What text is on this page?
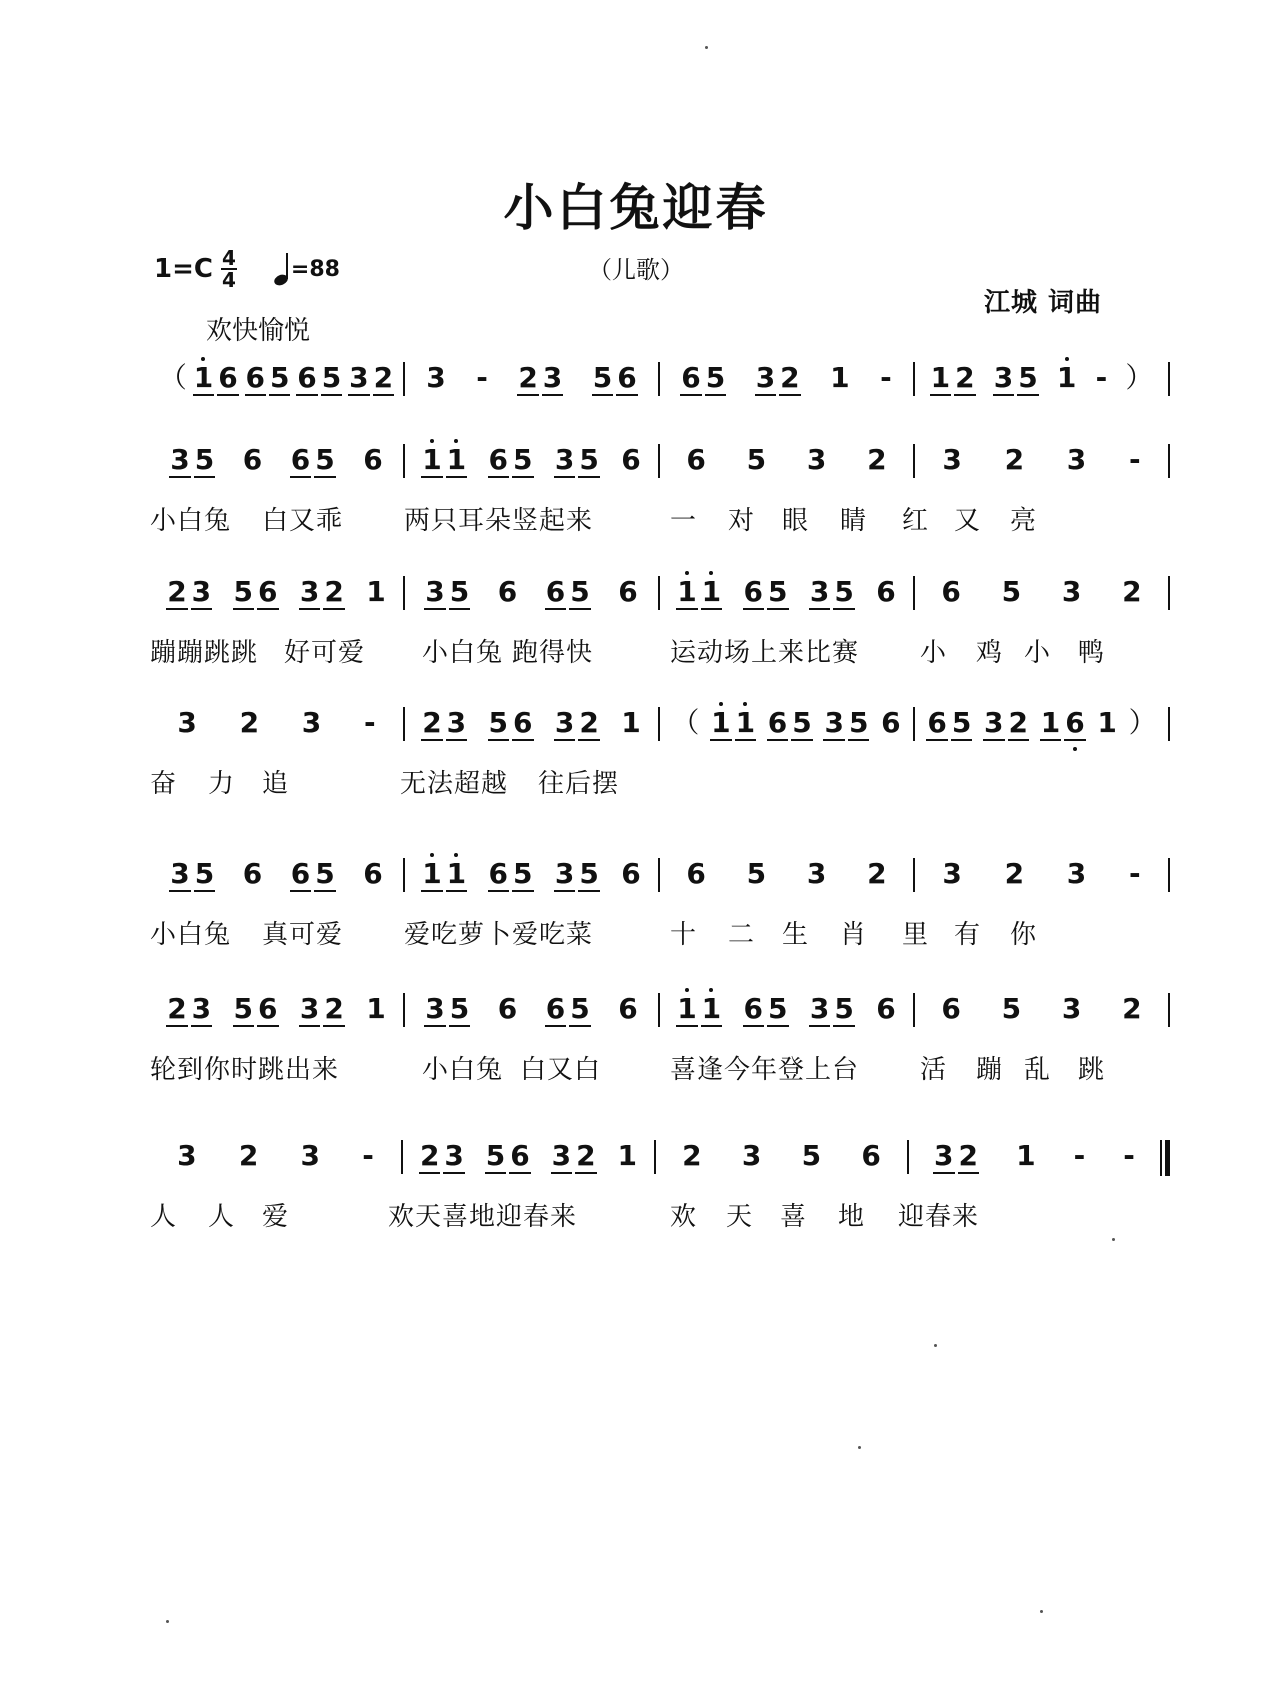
小白兔迎春
（儿歌）
江城 词曲
$1=C \frac{4}{4} =88$
欢快愉悦
（ 1 6 6 5 6 5 3 2 3 - 2 3 5 6 6 5 3 2 1 - 1 2 3 5 1 - ）
3 5 6 6 5 6 1 1 6 5 3 5 6 6 5 3 2 3 2 3 -
小白兔 白又乖 两只耳朵竖起来	一 对 眼 睛 红 又 亮
2 3 5 6 3 2 1 3 5 6 6 5 6 1 1 6 5 3 5 6 6 5 3 2
蹦蹦跳跳 好可爱 小白兔 跑得快	运动场上来比赛 小 鸡 小 鸭
3 2 3 - 2 3 5 6 3 2 1 （ 1 1 6 5 3 5 6 6 5 3 2 1 6 1 ）
奋 力 追	无法超越 往后摆
3 5 6 6 5 6 1 1 6 5 3 5 6 6 5 3 2 3 2 3 -
小白兔 真可爱 爱吃萝卜爱吃菜	十 二 生 肖 里 有 你
2 3 5 6 3 2 1 3 5 6 6 5 6 1 1 6 5 3 5 6 6 5 3 2
轮到你时跳出来	小白兔 白又白	喜逢今年登上台 活 蹦 乱 跳
3 2 3 - 2 3 5 6 3 2 1 2 3 5 6 3 2 1 - -
人 人 爱	欢天喜地迎春来	欢 天 喜 地 迎春来
